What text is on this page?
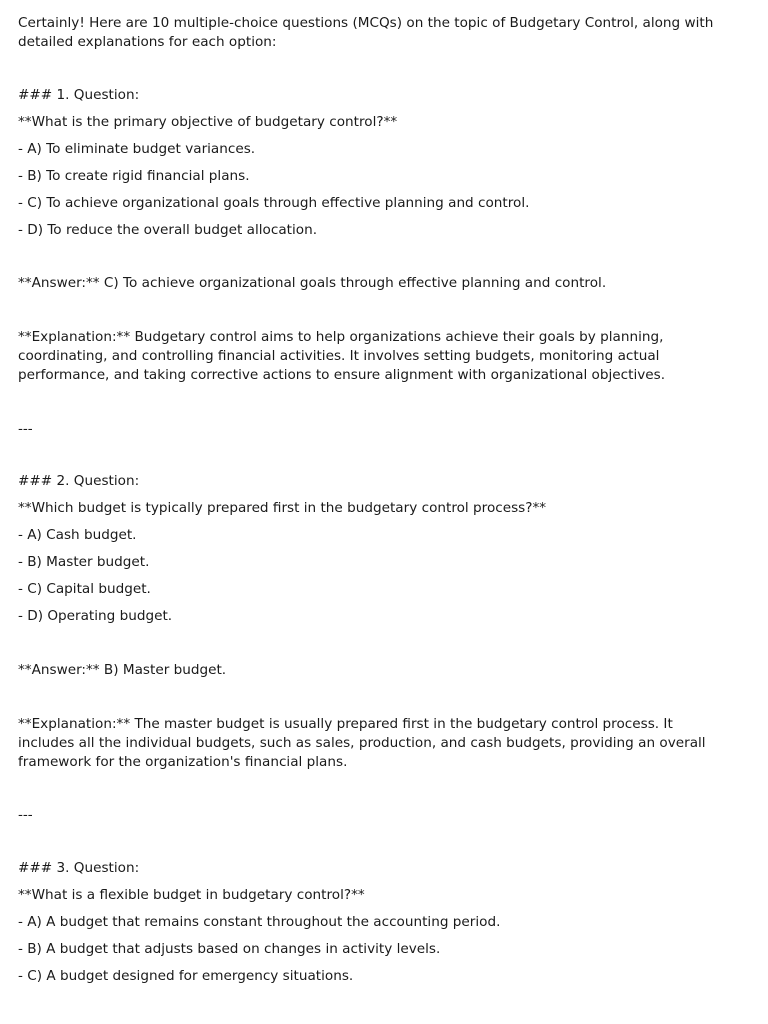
Certainly! Here are 10 multiple-choice questions (MCQs) on the topic of Budgetary Control, along with
detailed explanations for each option:
### 1. Question:
**What is the primary objective of budgetary control?**
- A) To eliminate budget variances.
- B) To create rigid financial plans.
- C) To achieve organizational goals through effective planning and control.
- D) To reduce the overall budget allocation.
**Answer:** C) To achieve organizational goals through effective planning and control.
**Explanation:** Budgetary control aims to help organizations achieve their goals by planning,
coordinating, and controlling financial activities. It involves setting budgets, monitoring actual
performance, and taking corrective actions to ensure alignment with organizational objectives.
---
### 2. Question:
**Which budget is typically prepared first in the budgetary control process?**
- A) Cash budget.
- B) Master budget.
- C) Capital budget.
- D) Operating budget.
**Answer:** B) Master budget.
**Explanation:** The master budget is usually prepared first in the budgetary control process. It
includes all the individual budgets, such as sales, production, and cash budgets, providing an overall
framework for the organization's financial plans.
---
### 3. Question:
**What is a flexible budget in budgetary control?**
- A) A budget that remains constant throughout the accounting period.
- B) A budget that adjusts based on changes in activity levels.
- C) A budget designed for emergency situations.
